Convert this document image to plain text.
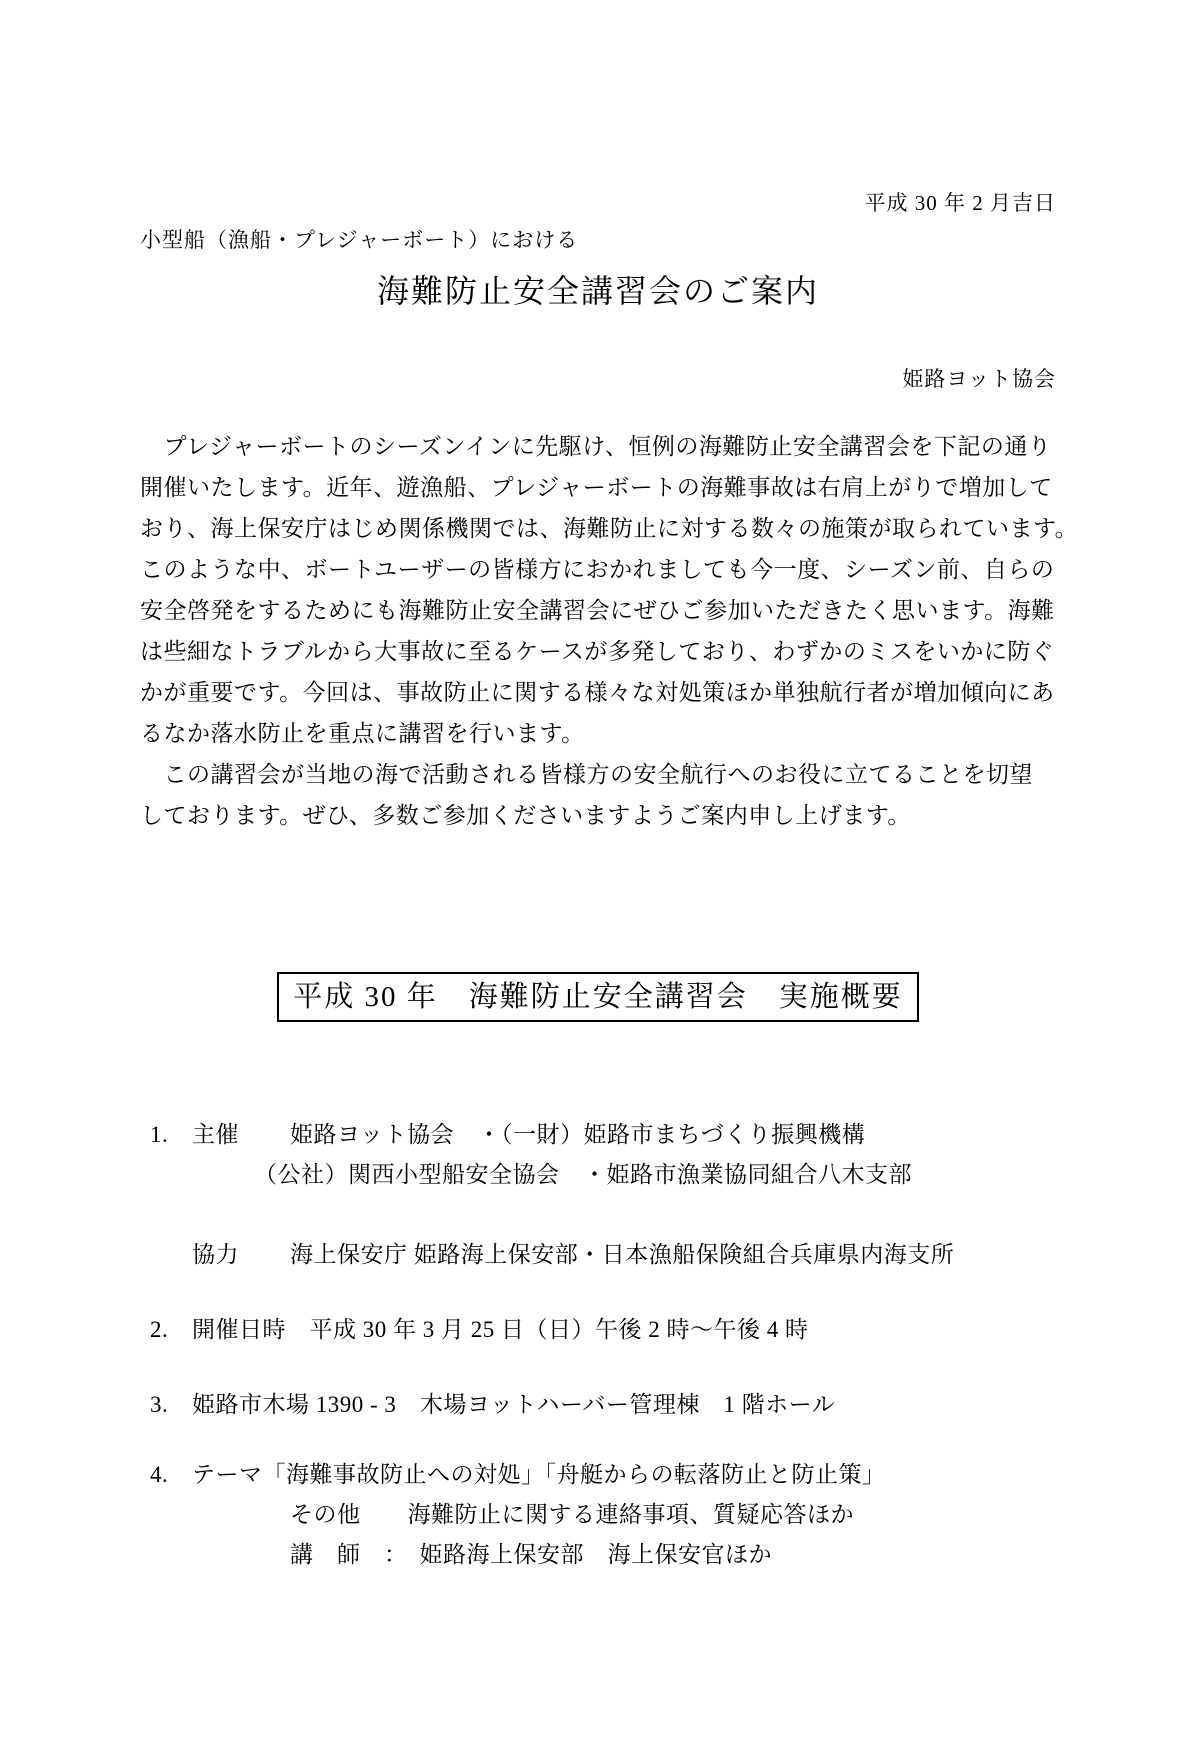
平成 30 年 2 月吉日
小型船（漁船・プレジャーボート）における
海難防止安全講習会のご案内
姫路ヨット協会
　プレジャーボートのシーズンインに先駆け、恒例の海難防止安全講習会を下記の通り
開催いたします。近年、遊漁船、プレジャーボートの海難事故は右肩上がりで増加して
おり、海上保安庁はじめ関係機関では、海難防止に対する数々の施策が取られています。
このような中、ボートユーザーの皆様方におかれましても今一度、シーズン前、自らの
安全啓発をするためにも海難防止安全講習会にぜひご参加いただきたく思います。海難
は些細なトラブルから大事故に至るケースが多発しており、わずかのミスをいかに防ぐ
かが重要です。今回は、事故防止に関する様々な対処策ほか単独航行者が増加傾向にあ
るなか落水防止を重点に講習を行います。
　この講習会が当地の海で活動される皆様方の安全航行へのお役に立てることを切望
しております。ぜひ、多数ご参加くださいますようご案内申し上げます。
平成 30 年　海難防止安全講習会　実施概要
1.	主催	姫路ヨット協会　・（一財）姫路市まちづくり振興機構
（公社）関西小型船安全協会　・姫路市漁業協同組合八木支部
協力	海上保安庁 姫路海上保安部・日本漁船保険組合兵庫県内海支所
2.	開催日時　平成 30 年 3 月 25 日（日）午後 2 時～午後 4 時
3.	姫路市木場 1390 - 3　木場ヨットハーバー管理棟　1 階ホール
4.	テーマ「海難事故防止への対処」「舟艇からの転落防止と防止策」
その他　　海難防止に関する連絡事項、質疑応答ほか
講　師　：　姫路海上保安部　海上保安官ほか
